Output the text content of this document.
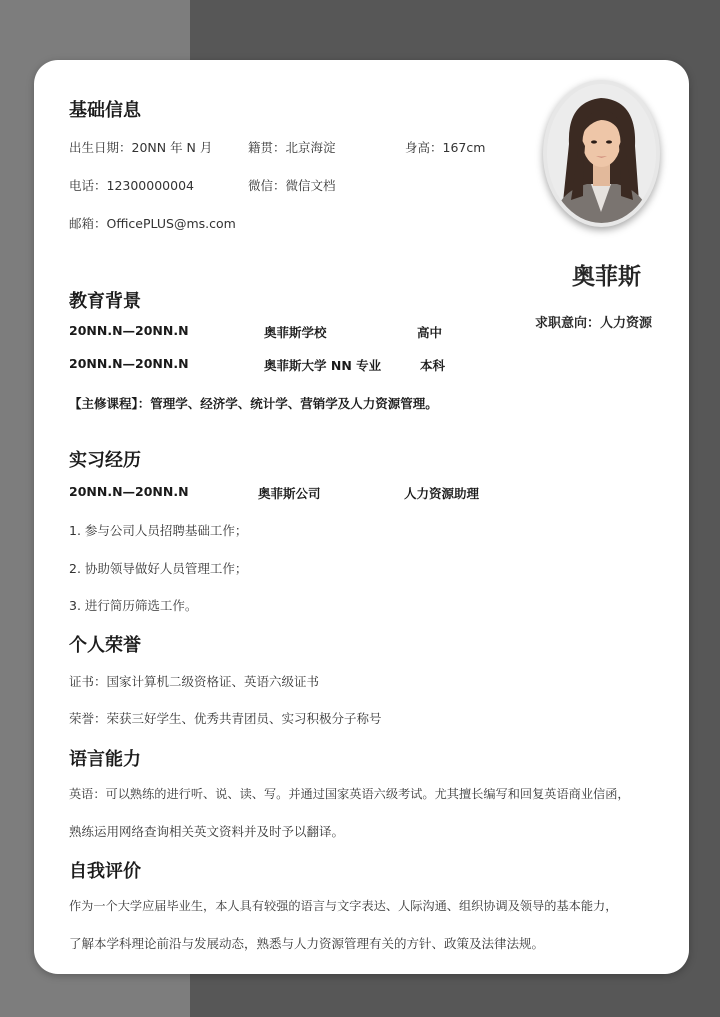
奥菲斯
求职意向：人力资源
基础信息
出生日期：20NN 年 N 月	籍贯：北京海淀	身高：167cm
电话：12300000004	微信：微信文档
邮箱：OfficePLUS@ms.com
教育背景
20NN.N—20NN.N	奥菲斯学校	高中
20NN.N—20NN.N	奥菲斯大学 NN 专业	本科
【主修课程】：管理学、经济学、统计学、营销学及人力资源管理。
实习经历
20NN.N—20NN.N	奥菲斯公司	人力资源助理
1. 参与公司人员招聘基础工作；
2. 协助领导做好人员管理工作；
3. 进行简历筛选工作。
个人荣誉
证书：国家计算机二级资格证、英语六级证书
荣誉：荣获三好学生、优秀共青团员、实习积极分子称号
语言能力
英语：可以熟练的进行听、说、读、写。并通过国家英语六级考试。尤其擅长编写和回复英语商业信函，
熟练运用网络查询相关英文资料并及时予以翻译。
自我评价
作为一个大学应届毕业生，本人具有较强的语言与文字表达、人际沟通、组织协调及领导的基本能力，
了解本学科理论前沿与发展动态，熟悉与人力资源管理有关的方针、政策及法律法规。
